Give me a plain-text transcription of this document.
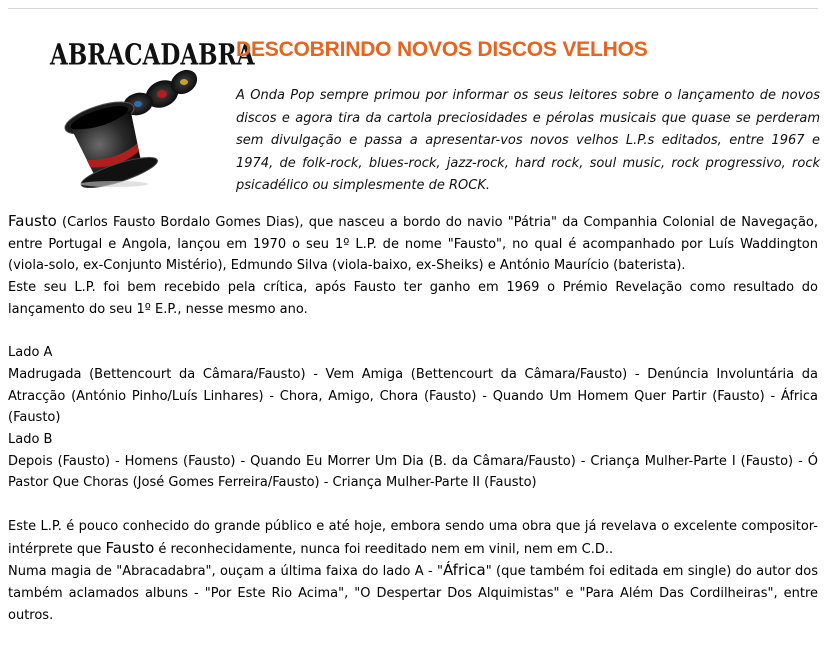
ABRACADABRA
DESCOBRINDO NOVOS DISCOS VELHOS

A Onda Pop sempre primou por informar os seus leitores sobre o lançamento de novos discos e agora tira da cartola preciosidades e pérolas musicais que quase se perderam sem divulgação e passa a apresentar-vos novos velhos L.P.s editados, entre 1967 e 1974, de folk-rock, blues-rock, jazz-rock, hard rock, soul music, rock progressivo, rock psicadélico ou simplesmente de ROCK.

Fausto (Carlos Fausto Bordalo Gomes Dias), que nasceu a bordo do navio "Pátria" da Companhia Colonial de Navegação, entre Portugal e Angola, lançou em 1970 o seu 1º L.P. de nome "Fausto", no qual é acompanhado por Luís Waddington (viola-solo, ex-Conjunto Mistério), Edmundo Silva (viola-baixo, ex-Sheiks) e António Maurício (baterista).

Este seu L.P. foi bem recebido pela crítica, após Fausto ter ganho em 1969 o Prémio Revelação como resultado do lançamento do seu 1º E.P., nesse mesmo ano.

Lado A

Madrugada (Bettencourt da Câmara/Fausto) - Vem Amiga (Bettencourt da Câmara/Fausto) - Denúncia Involuntária da Atracção (António Pinho/Luís Linhares) - Chora, Amigo, Chora (Fausto) - Quando Um Homem Quer Partir (Fausto) - África (Fausto)

Lado B

Depois (Fausto) - Homens (Fausto) - Quando Eu Morrer Um Dia (B. da Câmara/Fausto) - Criança Mulher-Parte I (Fausto) - Ó Pastor Que Choras (José Gomes Ferreira/Fausto) - Criança Mulher-Parte II (Fausto)

Este L.P. é pouco conhecido do grande público e até hoje, embora sendo uma obra que já revelava o excelente compositor-intérprete que Fausto é reconhecidamente, nunca foi reeditado nem em vinil, nem em C.D..

Numa magia de "Abracadabra", ouçam a última faixa do lado A - "África" (que também foi editada em single) do autor dos também aclamados albuns - "Por Este Rio Acima", "O Despertar Dos Alquimistas" e "Para Além Das Cordilheiras", entre outros.
